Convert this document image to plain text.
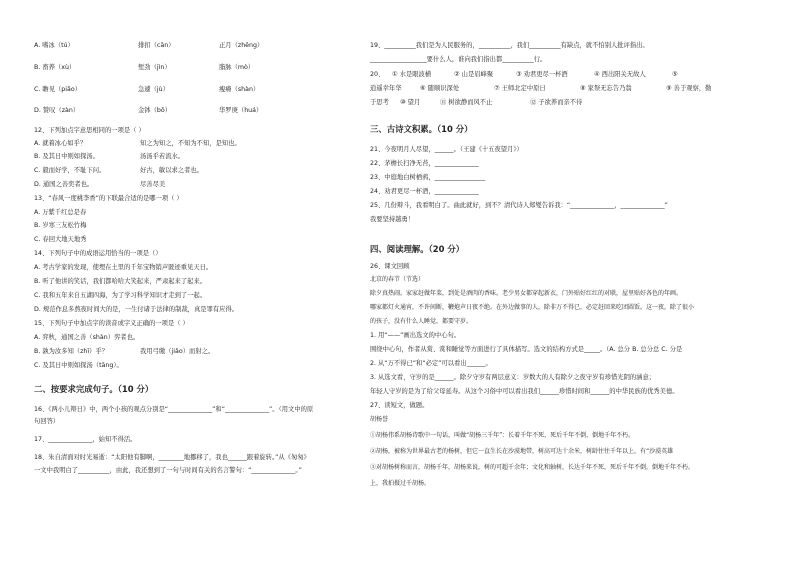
A. 嗜冰（tú）	排扣（cān）	正月（zhēng）
B. 畜养（xù）	堑劲（jìn）	脂脉（mò）
C. 瞻见（piǎo）	急遽（jù）	瘦瘠（shàn）
D. 赞叹（zàn）	金钵（bō）	华罗庚（huá）
12、下列加点字意思相同的一项是（ ）
A. 就着冰心如乎？	知之为知之，不知为不知，是知也。
B. 及其日中则如探汤。	汤汤乎若流水。
C. 毅而好学，不耻下问。	好古，敏以求之者也。
D. 通国之善奕者也。	尽善尽美
13、“春风一度桃李香”的下联最合适的是哪一项（ ）
A. 万紫千红总是春
B. 岁寒三友松竹梅
C. 春回大地天地秀
14、下列句子中的成语运用恰当的一项是（）
A. 考古学家的发现，使埋在土里的千年宝物销声匿迹重见天日。
B. 听了他讲的笑话，我们都哈哈大笑起来，严肃起来了起来。
C. 我和五年来自五湖四海，为了学习科学知识才走到了一起。
D. 规范作息多熬夜时间大的是，一生付诸于法律的制裁，真是罪有应得。
15、下列句子中加点字的读音或字义正确的一项是（ ）
A. 弈秋，通国之善（shàn）弈者也。
B. 孰为汝多知（zhī）乎？	我用弓缴（jiǎo）而射之。
C. 及其日中则如探汤（tāng）。
二、按要求完成句子。（10 分）
16、《两小儿辩日》中，两个小孩的观点分别是“______________”和“______________”。（用文中的原
句回答）
17、______________，始知不得活。
18、朱自清面对时光易逝：“太阳他有脚啊，________地挪移了，我也______跟着旋转。”从《匆匆》
一文中我明白了__________，由此，我还想到了一句与时间有关的名言警句：“______________。”
19、__________我们是为人民服务的，__________，我们__________有缺点，就不怕别人批评指出。
__________________要什么人，谁向我们指出都__________行。
20、 ① 水是眼波横	② 山是眉峰聚	③ 劝君更尽一杯酒	④ 西出阳关无故人	⑤
逍遥幸年华	⑥ 随顺识深处	⑦ 王师北定中原日	⑧ 家祭无忘告乃翁	⑨ 善于观察，勤
于思考 ⑩ 望月	⑪ 树欲静而风不止	⑫ 子欲养而亲不待
三、古诗文积累。（10 分）
21、今夜明月人尽望，______。（王建《十五夜望月》）
22、茅檐长扫净无苔，______________
23、中庭地白树栖鸦，________________
24、劝君更尽一杯酒，______________
25、几份辩斗，我看明白了。曲此就好，到不？清代诗人郑燮告诉我：“______________，______________”
我要坚持越勇！
四、阅读理解。（20 分）
26、课文回顾
北京的春节（节选）
除夕真热闹。家家赶做年菜，到处是酒肉的香味。老少男女都穿起新衣，门外贴好红红的对联，屋里贴好各色的年画。
哪家都灯火通宵，不许间断，鞭炮声日夜不绝。在外边做事的人，除非万不得已，必定赶回来吃团圆饭。这一夜，除了很小
的孩子，没有什么人睡觉，都要守岁。
1. 用“——”画出选文的中心句。
围绕中心句，作者从赏、赏和睡觉等方面进行了具体描写。选文的结构方式是_____。（A. 总分 B. 总分总 C. 分是
2. 从“万不得已”和“必定”可以看出______。
3. 从选文看，守岁的是______。除夕守岁有两层意义：岁数大的人有除夕之夜守岁有珍惜光阴的涵意；
年轻人守岁的是为了给父母延寿。从这个习俗中可以看出我们______珍惜时间和______的中华民族的优秀美德。
27、读短文，做题。
胡杨誉
①胡杨伟系胡杨诗歌中一句话，叫做“胡杨三千年”：长着千年不死，死后千年不倒，倒地千年不朽。
②胡杨，被称为世界最古老的杨树，但它一直生长在沙漠地带，树高可达十余米，树龄往往千年以上，有“沙漠英雄
③对胡杨树称而言，胡杨千年，胡杨来说，树的可超千余年；文化和轴树，长达千年不死，死后千年不倒，倒地千年不朽。
上，我拍摄过千胡杨。
